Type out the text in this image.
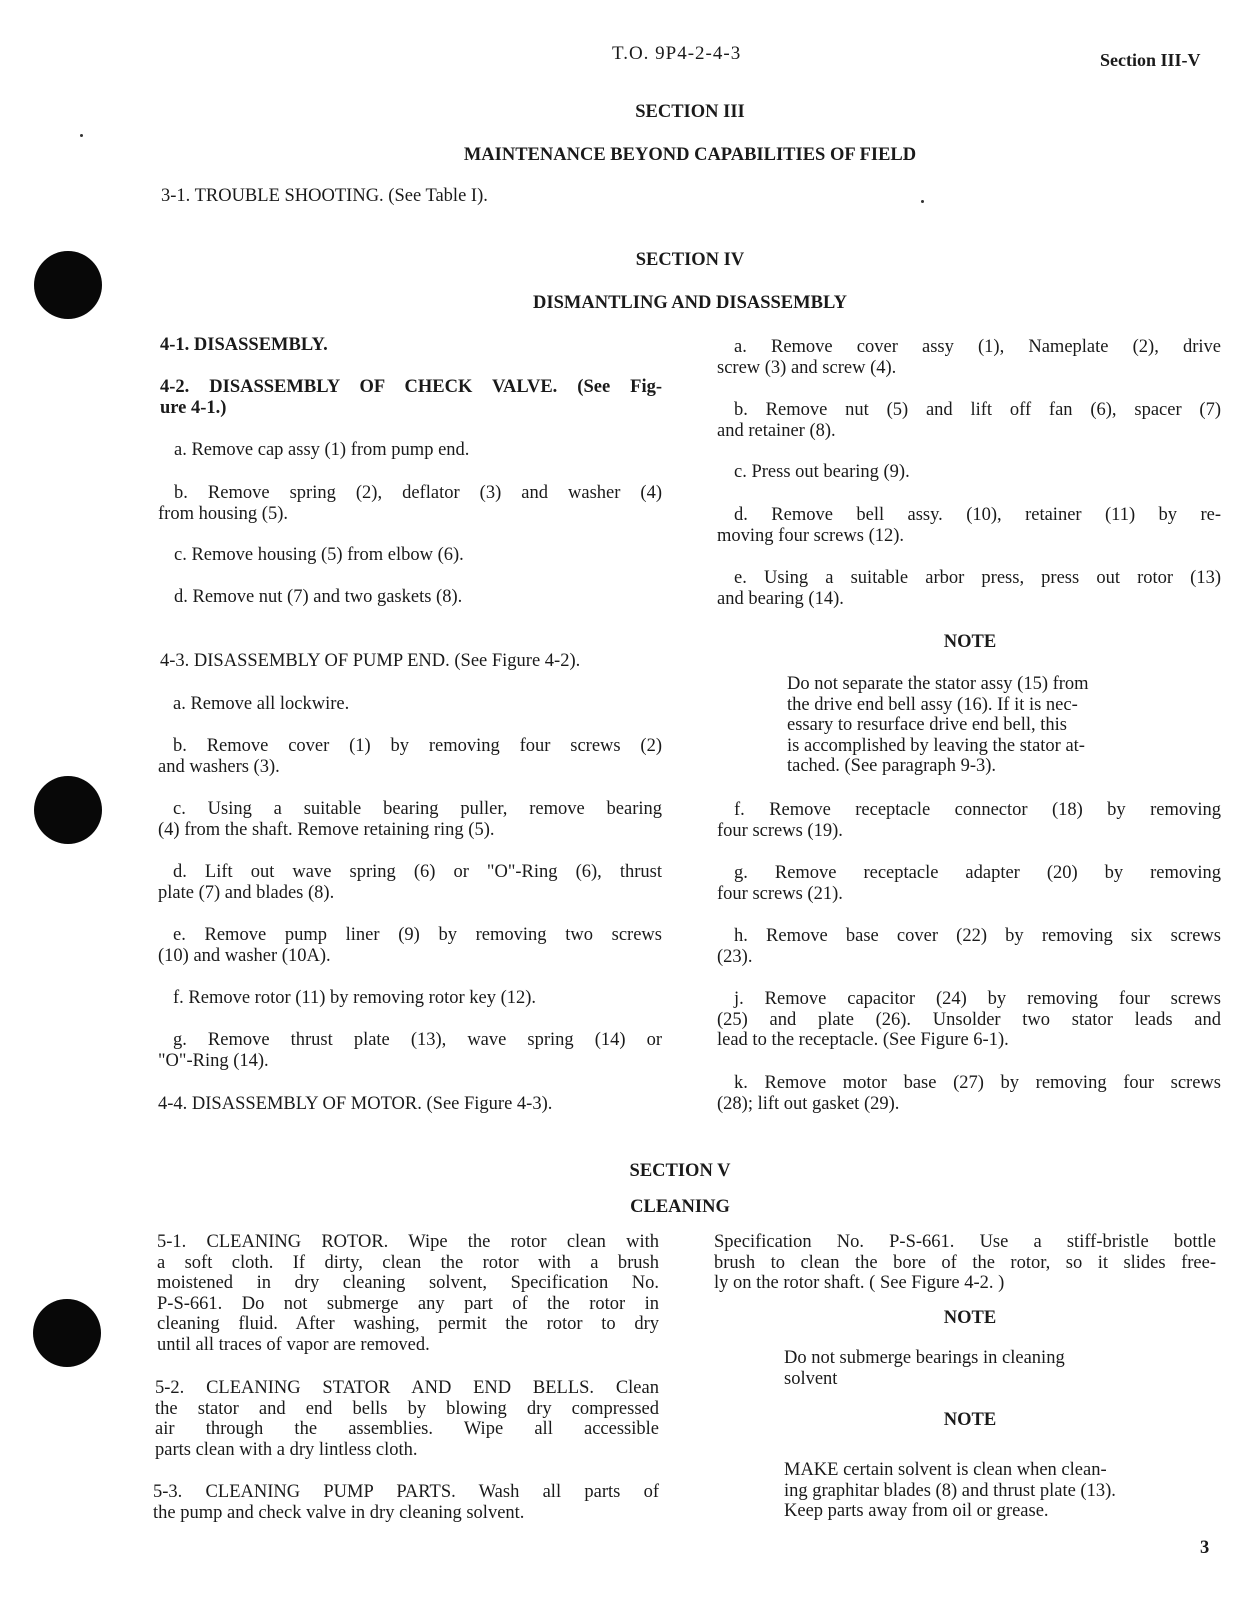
T.O. 9P4-2-4-3	Section III-V
SECTION III
MAINTENANCE BEYOND CAPABILITIES OF FIELD
3-1. TROUBLE SHOOTING. (See Table I).
SECTION IV
DISMANTLING AND DISASSEMBLY
4-1. DISASSEMBLY.
4-2. DISASSEMBLY OF CHECK VALVE. (See Fig-
ure 4-1.)
a. Remove cap assy (1) from pump end.
b. Remove spring (2), deflator (3) and washer (4)
from housing (5).
c. Remove housing (5) from elbow (6).
d. Remove nut (7) and two gaskets (8).
4-3. DISASSEMBLY OF PUMP END. (See Figure 4-2).
a. Remove all lockwire.
b. Remove cover (1) by removing four screws (2)
and washers (3).
c. Using a suitable bearing puller, remove bearing
(4) from the shaft. Remove retaining ring (5).
d. Lift out wave spring (6) or "O"-Ring (6), thrust
plate (7) and blades (8).
e. Remove pump liner (9) by removing two screws
(10) and washer (10A).
f. Remove rotor (11) by removing rotor key (12).
g. Remove thrust plate (13), wave spring (14) or
"O"-Ring (14).
4-4. DISASSEMBLY OF MOTOR. (See Figure 4-3).
a. Remove cover assy (1), Nameplate (2), drive
screw (3) and screw (4).
b. Remove nut (5) and lift off fan (6), spacer (7)
and retainer (8).
c. Press out bearing (9).
d. Remove bell assy. (10), retainer (11) by re-
moving four screws (12).
e. Using a suitable arbor press, press out rotor (13)
and bearing (14).
NOTE
Do not separate the stator assy (15) from
the drive end bell assy (16). If it is nec-
essary to resurface drive end bell, this
is accomplished by leaving the stator at-
tached. (See paragraph 9-3).
f. Remove receptacle connector (18) by removing
four screws (19).
g. Remove receptacle adapter (20) by removing
four screws (21).
h. Remove base cover (22) by removing six screws
(23).
j. Remove capacitor (24) by removing four screws
(25) and plate (26). Unsolder two stator leads and
lead to the receptacle. (See Figure 6-1).
k. Remove motor base (27) by removing four screws
(28); lift out gasket (29).
SECTION V
CLEANING
5-1. CLEANING ROTOR. Wipe the rotor clean with
a soft cloth. If dirty, clean the rotor with a brush
moistened in dry cleaning solvent, Specification No.
P-S-661. Do not submerge any part of the rotor in
cleaning fluid. After washing, permit the rotor to dry
until all traces of vapor are removed.
5-2. CLEANING STATOR AND END BELLS. Clean
the stator and end bells by blowing dry compressed
air through the assemblies. Wipe all accessible
parts clean with a dry lintless cloth.
5-3. CLEANING PUMP PARTS. Wash all parts of
the pump and check valve in dry cleaning solvent.
Specification No. P-S-661. Use a stiff-bristle bottle
brush to clean the bore of the rotor, so it slides free-
ly on the rotor shaft. ( See Figure 4-2. )
NOTE
Do not submerge bearings in cleaning
solvent
NOTE
MAKE certain solvent is clean when clean-
ing graphitar blades (8) and thrust plate (13).
Keep parts away from oil or grease.
3
